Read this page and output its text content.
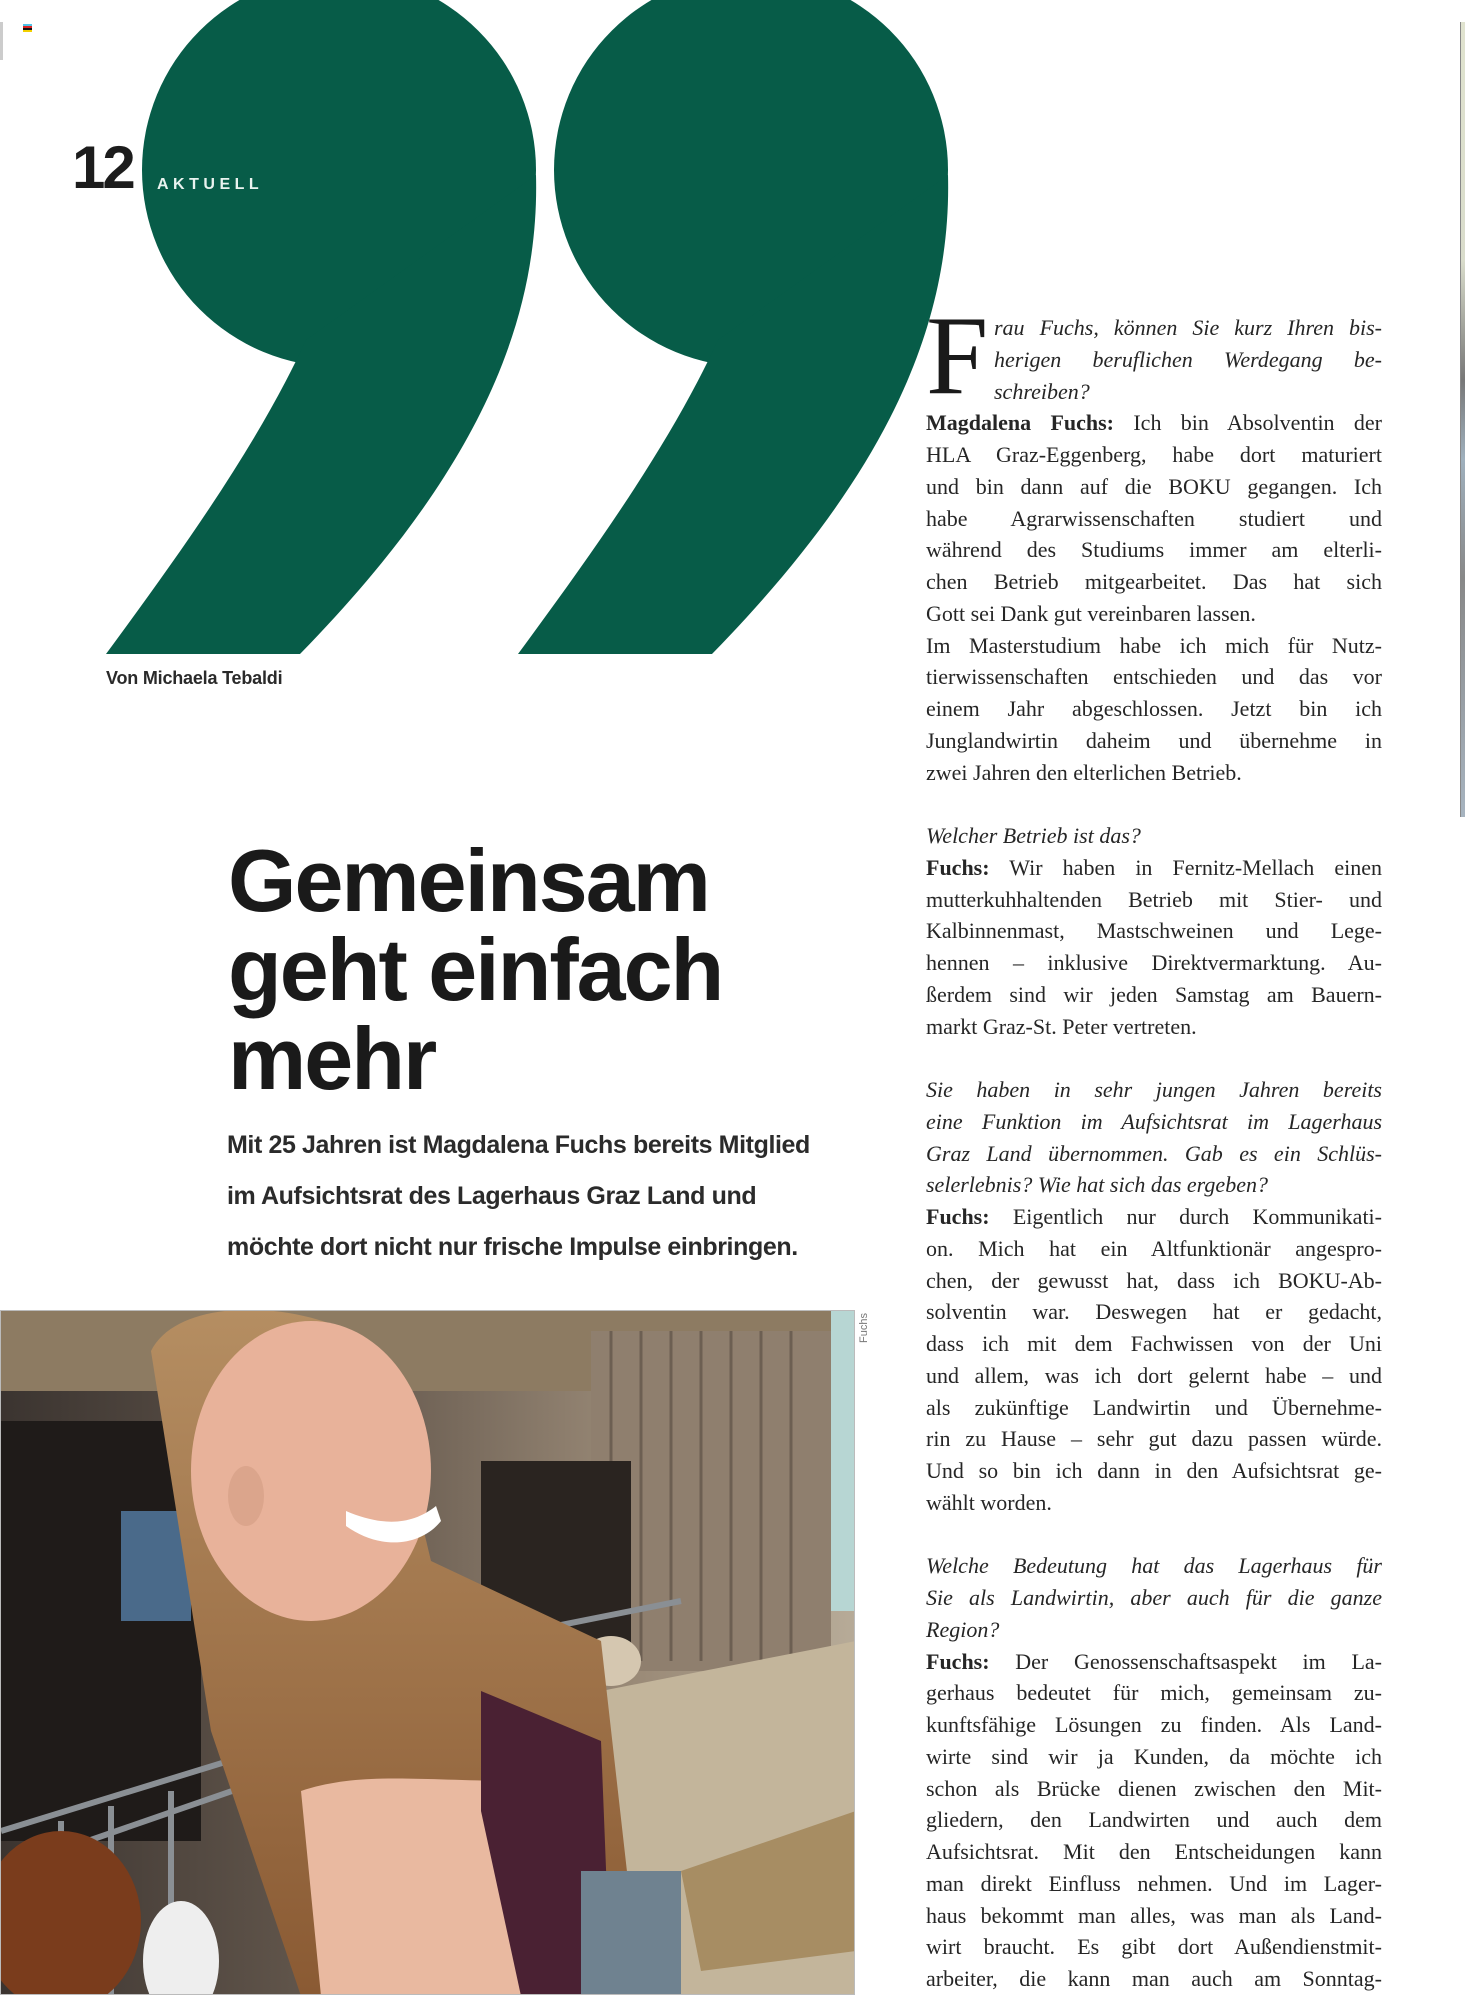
12 AKTUELL
Von Michaela Tebaldi
Gemeinsam
geht einfach
mehr
Mit 25 Jahren ist Magdalena Fuchs bereits Mitglied
im Aufsichtsrat des Lagerhaus Graz Land und
möchte dort nicht nur frische Impulse einbringen.
Fuchs
F rau Fuchs, können Sie kurz Ihren bis-
herigen beruflichen Werdegang be-
schreiben?
Magdalena Fuchs: Ich bin Absolventin der
HLA Graz-Eggenberg, habe dort maturiert
und bin dann auf die BOKU gegangen. Ich
habe Agrarwissenschaften studiert und
während des Studiums immer am elterli-
chen Betrieb mitgearbeitet. Das hat sich
Gott sei Dank gut vereinbaren lassen.
Im Masterstudium habe ich mich für Nutz-
tierwissenschaften entschieden und das vor
einem Jahr abgeschlossen. Jetzt bin ich
Junglandwirtin daheim und übernehme in
zwei Jahren den elterlichen Betrieb.
Welcher Betrieb ist das?
Fuchs: Wir haben in Fernitz-Mellach einen
mutterkuhhaltenden Betrieb mit Stier- und
Kalbinnenmast, Mastschweinen und Lege-
hennen – inklusive Direktvermarktung. Au-
ßerdem sind wir jeden Samstag am Bauern-
markt Graz-St. Peter vertreten.
Sie haben in sehr jungen Jahren bereits
eine Funktion im Aufsichtsrat im Lagerhaus
Graz Land übernommen. Gab es ein Schlüs-
selerlebnis? Wie hat sich das ergeben?
Fuchs: Eigentlich nur durch Kommunikati-
on. Mich hat ein Altfunktionär angespro-
chen, der gewusst hat, dass ich BOKU-Ab-
solventin war. Deswegen hat er gedacht,
dass ich mit dem Fachwissen von der Uni
und allem, was ich dort gelernt habe – und
als zukünftige Landwirtin und Übernehme-
rin zu Hause – sehr gut dazu passen würde.
Und so bin ich dann in den Aufsichtsrat ge-
wählt worden.
Welche Bedeutung hat das Lagerhaus für
Sie als Landwirtin, aber auch für die ganze
Region?
Fuchs: Der Genossenschaftsaspekt im La-
gerhaus bedeutet für mich, gemeinsam zu-
kunftsfähige Lösungen zu finden. Als Land-
wirte sind wir ja Kunden, da möchte ich
schon als Brücke dienen zwischen den Mit-
gliedern, den Landwirten und auch dem
Aufsichtsrat. Mit den Entscheidungen kann
man direkt Einfluss nehmen. Und im Lager-
haus bekommt man alles, was man als Land-
wirt braucht. Es gibt dort Außendienstmit-
arbeiter, die kann man auch am Sonntag-
